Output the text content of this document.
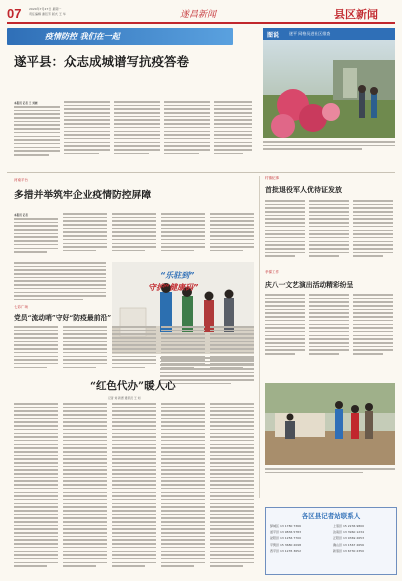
07	2020年7月27日 星期一
责任编辑 谢钰芳 版式 王 华	遂昌新闻	县区新闻
疫情防控 我们在一起
遂平县：众志成城谱写抗疫答卷
本报讯 记者 王 刘晓
图说 遂平 网格员进社区排查
河南平台
多措并举筑牢企业疫情防控屏障
本报讯 记者
村镇纪事
首批退役军人优待证发放
孝悌工作
庆八一文艺演出活动精彩纷呈
“乐驻到”
守护“健康码”
七彩广场
党员“流动哨”守好“防疫最前沿”
“红色代办”暖人心
记者 刘 新德 通讯员 王 刘
各区县记者站联系人
驿城区 13 1780 7366	上蔡县 15 2236 9800
遂平县 13 9836 5783	汝南县 13 3960 1234
泌阳县 13 1256 7700	正阳县 13 9369 2653
平舆县 15 3680 2098	确山县 13 1567 2656
西平县 13 1235 3652	新蔡县 13 6730 2350
